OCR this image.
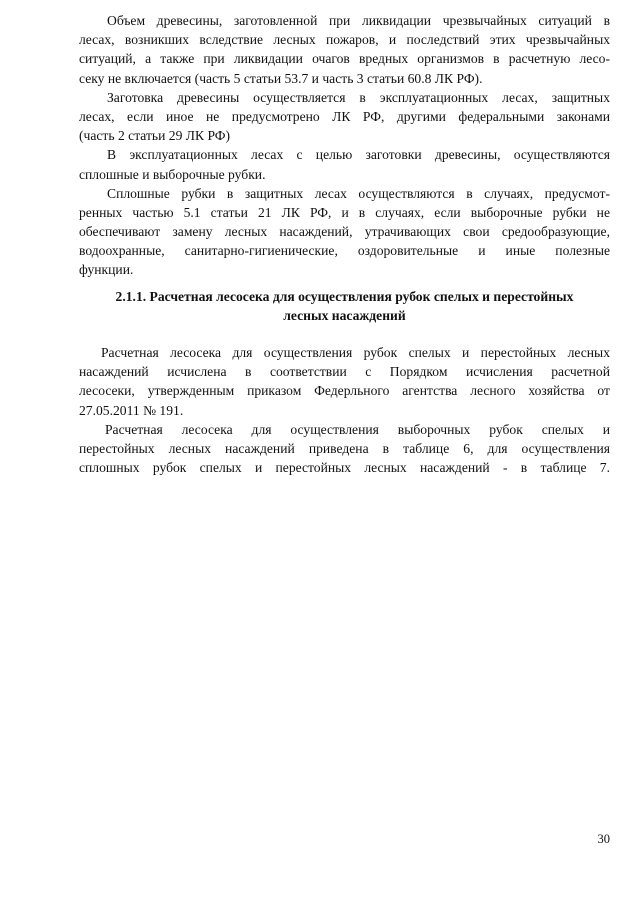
Объем древесины, заготовленной при ликвидации чрезвычайных ситуаций в
лесах, возникших вследствие лесных пожаров, и последствий этих чрезвычайных
ситуаций, а также при ликвидации очагов вредных организмов в расчетную лесо-
секу не включается (часть 5 статьи 53.7 и часть 3 статьи 60.8 ЛК РФ).
Заготовка древесины осуществляется в эксплуатационных лесах, защитных
лесах, если иное не предусмотрено ЛК РФ, другими федеральными законами
(часть 2 статьи 29 ЛК РФ)
В эксплуатационных лесах с целью заготовки древесины, осуществляются
сплошные и выборочные рубки.
Сплошные рубки в защитных лесах осуществляются в случаях, предусмот-
ренных частью 5.1 статьи 21 ЛК РФ, и в случаях, если выборочные рубки не
обеспечивают замену лесных насаждений, утрачивающих свои средообразующие,
водоохранные, санитарно-гигиенические, оздоровительные и иные полезные
функции.
2.1.1. Расчетная лесосека для осуществления рубок спелых и перестойных
лесных насаждений
Расчетная лесосека для осуществления рубок спелых и перестойных лесных
насаждений исчислена в соответствии с Порядком исчисления расчетной
лесосеки, утвержденным приказом Федерльного агентства лесного хозяйства от
27.05.2011 № 191.
Расчетная лесосека для осуществления выборочных рубок спелых и
перестойных лесных насаждений приведена в таблице 6, для осуществления
сплошных рубок спелых и перестойных лесных насаждений - в таблице 7.
30
